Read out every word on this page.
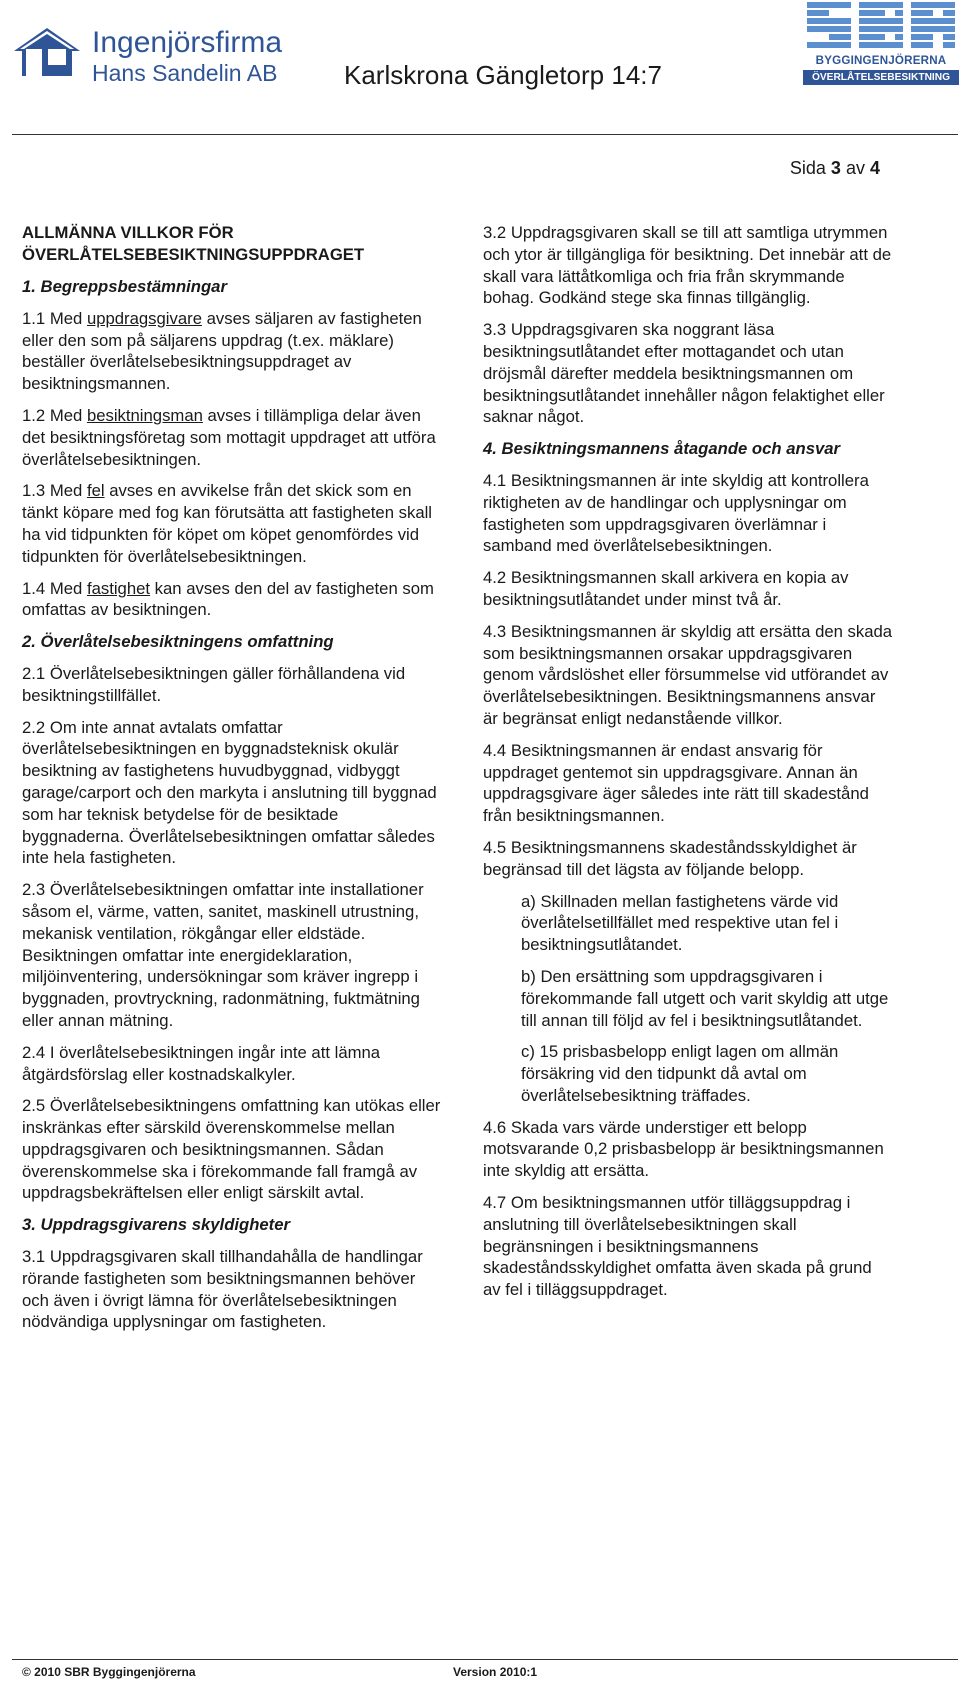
Ingenjörsfirma
Hans Sandelin AB	Karlskrona Gängletorp 14:7	BYGGINGENJÖRERNA
ÖVERLÅTELSEBESIKTNING
Sida 3 av 4

ALLMÄNNA VILLKOR FÖR

ÖVERLÅTELSEBESIKTNINGSUPPDRAGET

1. Begreppsbestämningar

1.1 Med uppdragsgivare avses säljaren av fastigheten eller den som på säljarens uppdrag (t.ex. mäklare) beställer överlåtelsebesiktningsuppdraget av besiktningsmannen.

1.2 Med besiktningsman avses i tillämpliga delar även det besiktningsföretag som mottagit uppdraget att utföra överlåtelsebesiktningen.

1.3 Med fel avses en avvikelse från det skick som en tänkt köpare med fog kan förutsätta att fastigheten skall ha vid tidpunkten för köpet om köpet genomfördes vid tidpunkten för överlåtelsebesiktningen.

1.4 Med fastighet kan avses den del av fastigheten som omfattas av besiktningen.

2. Överlåtelsebesiktningens omfattning

2.1 Överlåtelsebesiktningen gäller förhållandena vid besiktningstillfället.

2.2 Om inte annat avtalats omfattar överlåtelsebesiktningen en byggnadsteknisk okulär besiktning av fastighetens huvudbyggnad, vidbyggt garage/carport och den markyta i anslutning till byggnad som har teknisk betydelse för de besiktade byggnaderna. Överlåtelsebesiktningen omfattar således inte hela fastigheten.

2.3 Överlåtelsebesiktningen omfattar inte installationer såsom el, värme, vatten, sanitet, maskinell utrustning, mekanisk ventilation, rökgångar eller eldstäde. Besiktningen omfattar inte energideklaration, miljöinventering, undersökningar som kräver ingrepp i byggnaden, provtryckning, radonmätning, fuktmätning eller annan mätning.

2.4 I överlåtelsebesiktningen ingår inte att lämna åtgärdsförslag eller kostnadskalkyler.

2.5 Överlåtelsebesiktningens omfattning kan utökas eller inskränkas efter särskild överenskommelse mellan uppdragsgivaren och besiktningsmannen. Sådan överenskommelse ska i förekommande fall framgå av uppdragsbekräftelsen eller enligt särskilt avtal.

3. Uppdragsgivarens skyldigheter

3.1 Uppdragsgivaren skall tillhandahålla de handlingar rörande fastigheten som besiktningsmannen behöver och även i övrigt lämna för överlåtelsebesiktningen nödvändiga upplysningar om fastigheten.

3.2 Uppdragsgivaren skall se till att samtliga utrymmen och ytor är tillgängliga för besiktning. Det innebär att de skall vara lättåtkomliga och fria från skrymmande bohag. Godkänd stege ska finnas tillgänglig.

3.3 Uppdragsgivaren ska noggrant läsa besiktningsutlåtandet efter mottagandet och utan dröjsmål därefter meddela besiktningsmannen om besiktningsutlåtandet innehåller någon felaktighet eller saknar något.

4. Besiktningsmannens åtagande och ansvar

4.1 Besiktningsmannen är inte skyldig att kontrollera riktigheten av de handlingar och upplysningar om fastigheten som uppdragsgivaren överlämnar i samband med överlåtelsebesiktningen.

4.2 Besiktningsmannen skall arkivera en kopia av besiktningsutlåtandet under minst två år.

4.3 Besiktningsmannen är skyldig att ersätta den skada som besiktningsmannen orsakar uppdragsgivaren genom vårdslöshet eller försummelse vid utförandet av överlåtelsebesiktningen. Besiktningsmannens ansvar är begränsat enligt nedanstående villkor.

4.4 Besiktningsmannen är endast ansvarig för uppdraget gentemot sin uppdragsgivare. Annan än uppdragsgivare äger således inte rätt till skadestånd från besiktningsmannen.

4.5 Besiktningsmannens skadeståndsskyldighet är begränsad till det lägsta av följande belopp.

a) Skillnaden mellan fastighetens värde vid överlåtelsetillfället med respektive utan fel i besiktningsutlåtandet.

b) Den ersättning som uppdragsgivaren i förekommande fall utgett och varit skyldig att utge till annan till följd av fel i besiktningsutlåtandet.

c) 15 prisbasbelopp enligt lagen om allmän försäkring vid den tidpunkt då avtal om överlåtelsebesiktning träffades.

4.6 Skada vars värde understiger ett belopp motsvarande 0,2 prisbasbelopp är besiktningsmannen inte skyldig att ersätta.

4.7 Om besiktningsmannen utför tilläggsuppdrag i anslutning till överlåtelsebesiktningen skall begränsningen i besiktningsmannens skadeståndsskyldighet omfatta även skada på grund av fel i tilläggsuppdraget.

© 2010 SBR Byggingenjörerna	Version 2010:1
